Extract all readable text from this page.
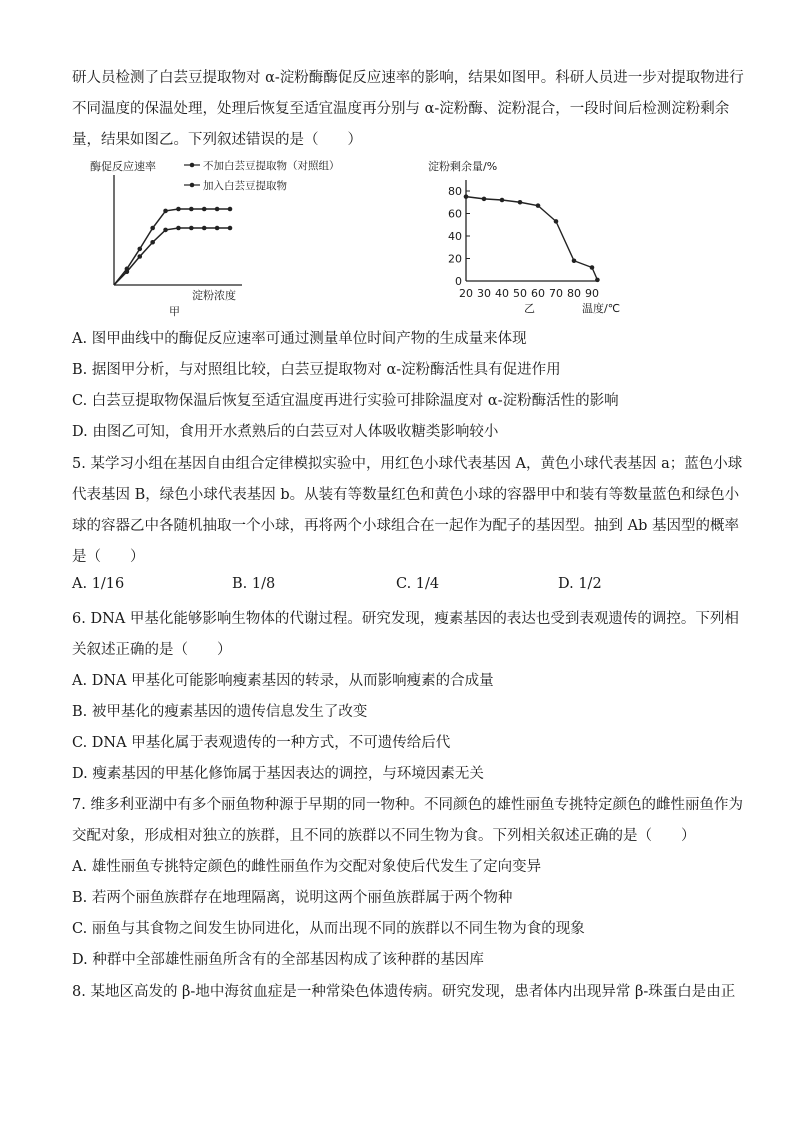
研人员检测了白芸豆提取物对 α-淀粉酶酶促反应速率的影响，结果如图甲。科研人员进一步对提取物进行
不同温度的保温处理，处理后恢复至适宜温度再分别与 α-淀粉酶、淀粉混合，一段时间后检测淀粉剩余
量，结果如图乙。下列叙述错误的是（　　）
酶促反应速率	不加白芸豆提取物（对照组）
加入白芸豆提取物
淀粉浓度
甲
淀粉剩余量/%
0
20
40
60
80
20 30 40 50 60 70 80 90
乙	温度/℃
A. 图甲曲线中的酶促反应速率可通过测量单位时间产物的生成量来体现
B. 据图甲分析，与对照组比较，白芸豆提取物对 α-淀粉酶活性具有促进作用
C. 白芸豆提取物保温后恢复至适宜温度再进行实验可排除温度对 α-淀粉酶活性的影响
D. 由图乙可知，食用开水煮熟后的白芸豆对人体吸收糖类影响较小
5. 某学习小组在基因自由组合定律模拟实验中，用红色小球代表基因 A，黄色小球代表基因 a；蓝色小球
代表基因 B，绿色小球代表基因 b。从装有等数量红色和黄色小球的容器甲中和装有等数量蓝色和绿色小
球的容器乙中各随机抽取一个小球，再将两个小球组合在一起作为配子的基因型。抽到 Ab 基因型的概率
是（　　）
A. 1/16	B. 1/8	C. 1/4	D. 1/2
6. DNA 甲基化能够影响生物体的代谢过程。研究发现，瘦素基因的表达也受到表观遗传的调控。下列相
关叙述正确的是（　　）
A. DNA 甲基化可能影响瘦素基因的转录，从而影响瘦素的合成量
B. 被甲基化的瘦素基因的遗传信息发生了改变
C. DNA 甲基化属于表观遗传的一种方式，不可遗传给后代
D. 瘦素基因的甲基化修饰属于基因表达的调控，与环境因素无关
7. 维多利亚湖中有多个丽鱼物种源于早期的同一物种。不同颜色的雄性丽鱼专挑特定颜色的雌性丽鱼作为
交配对象，形成相对独立的族群，且不同的族群以不同生物为食。下列相关叙述正确的是（　　）
A. 雄性丽鱼专挑特定颜色的雌性丽鱼作为交配对象使后代发生了定向变异
B. 若两个丽鱼族群存在地理隔离，说明这两个丽鱼族群属于两个物种
C. 丽鱼与其食物之间发生协同进化，从而出现不同的族群以不同生物为食的现象
D. 种群中全部雄性丽鱼所含有的全部基因构成了该种群的基因库
8. 某地区高发的 β-地中海贫血症是一种常染色体遗传病。研究发现，患者体内出现异常 β-珠蛋白是由正
